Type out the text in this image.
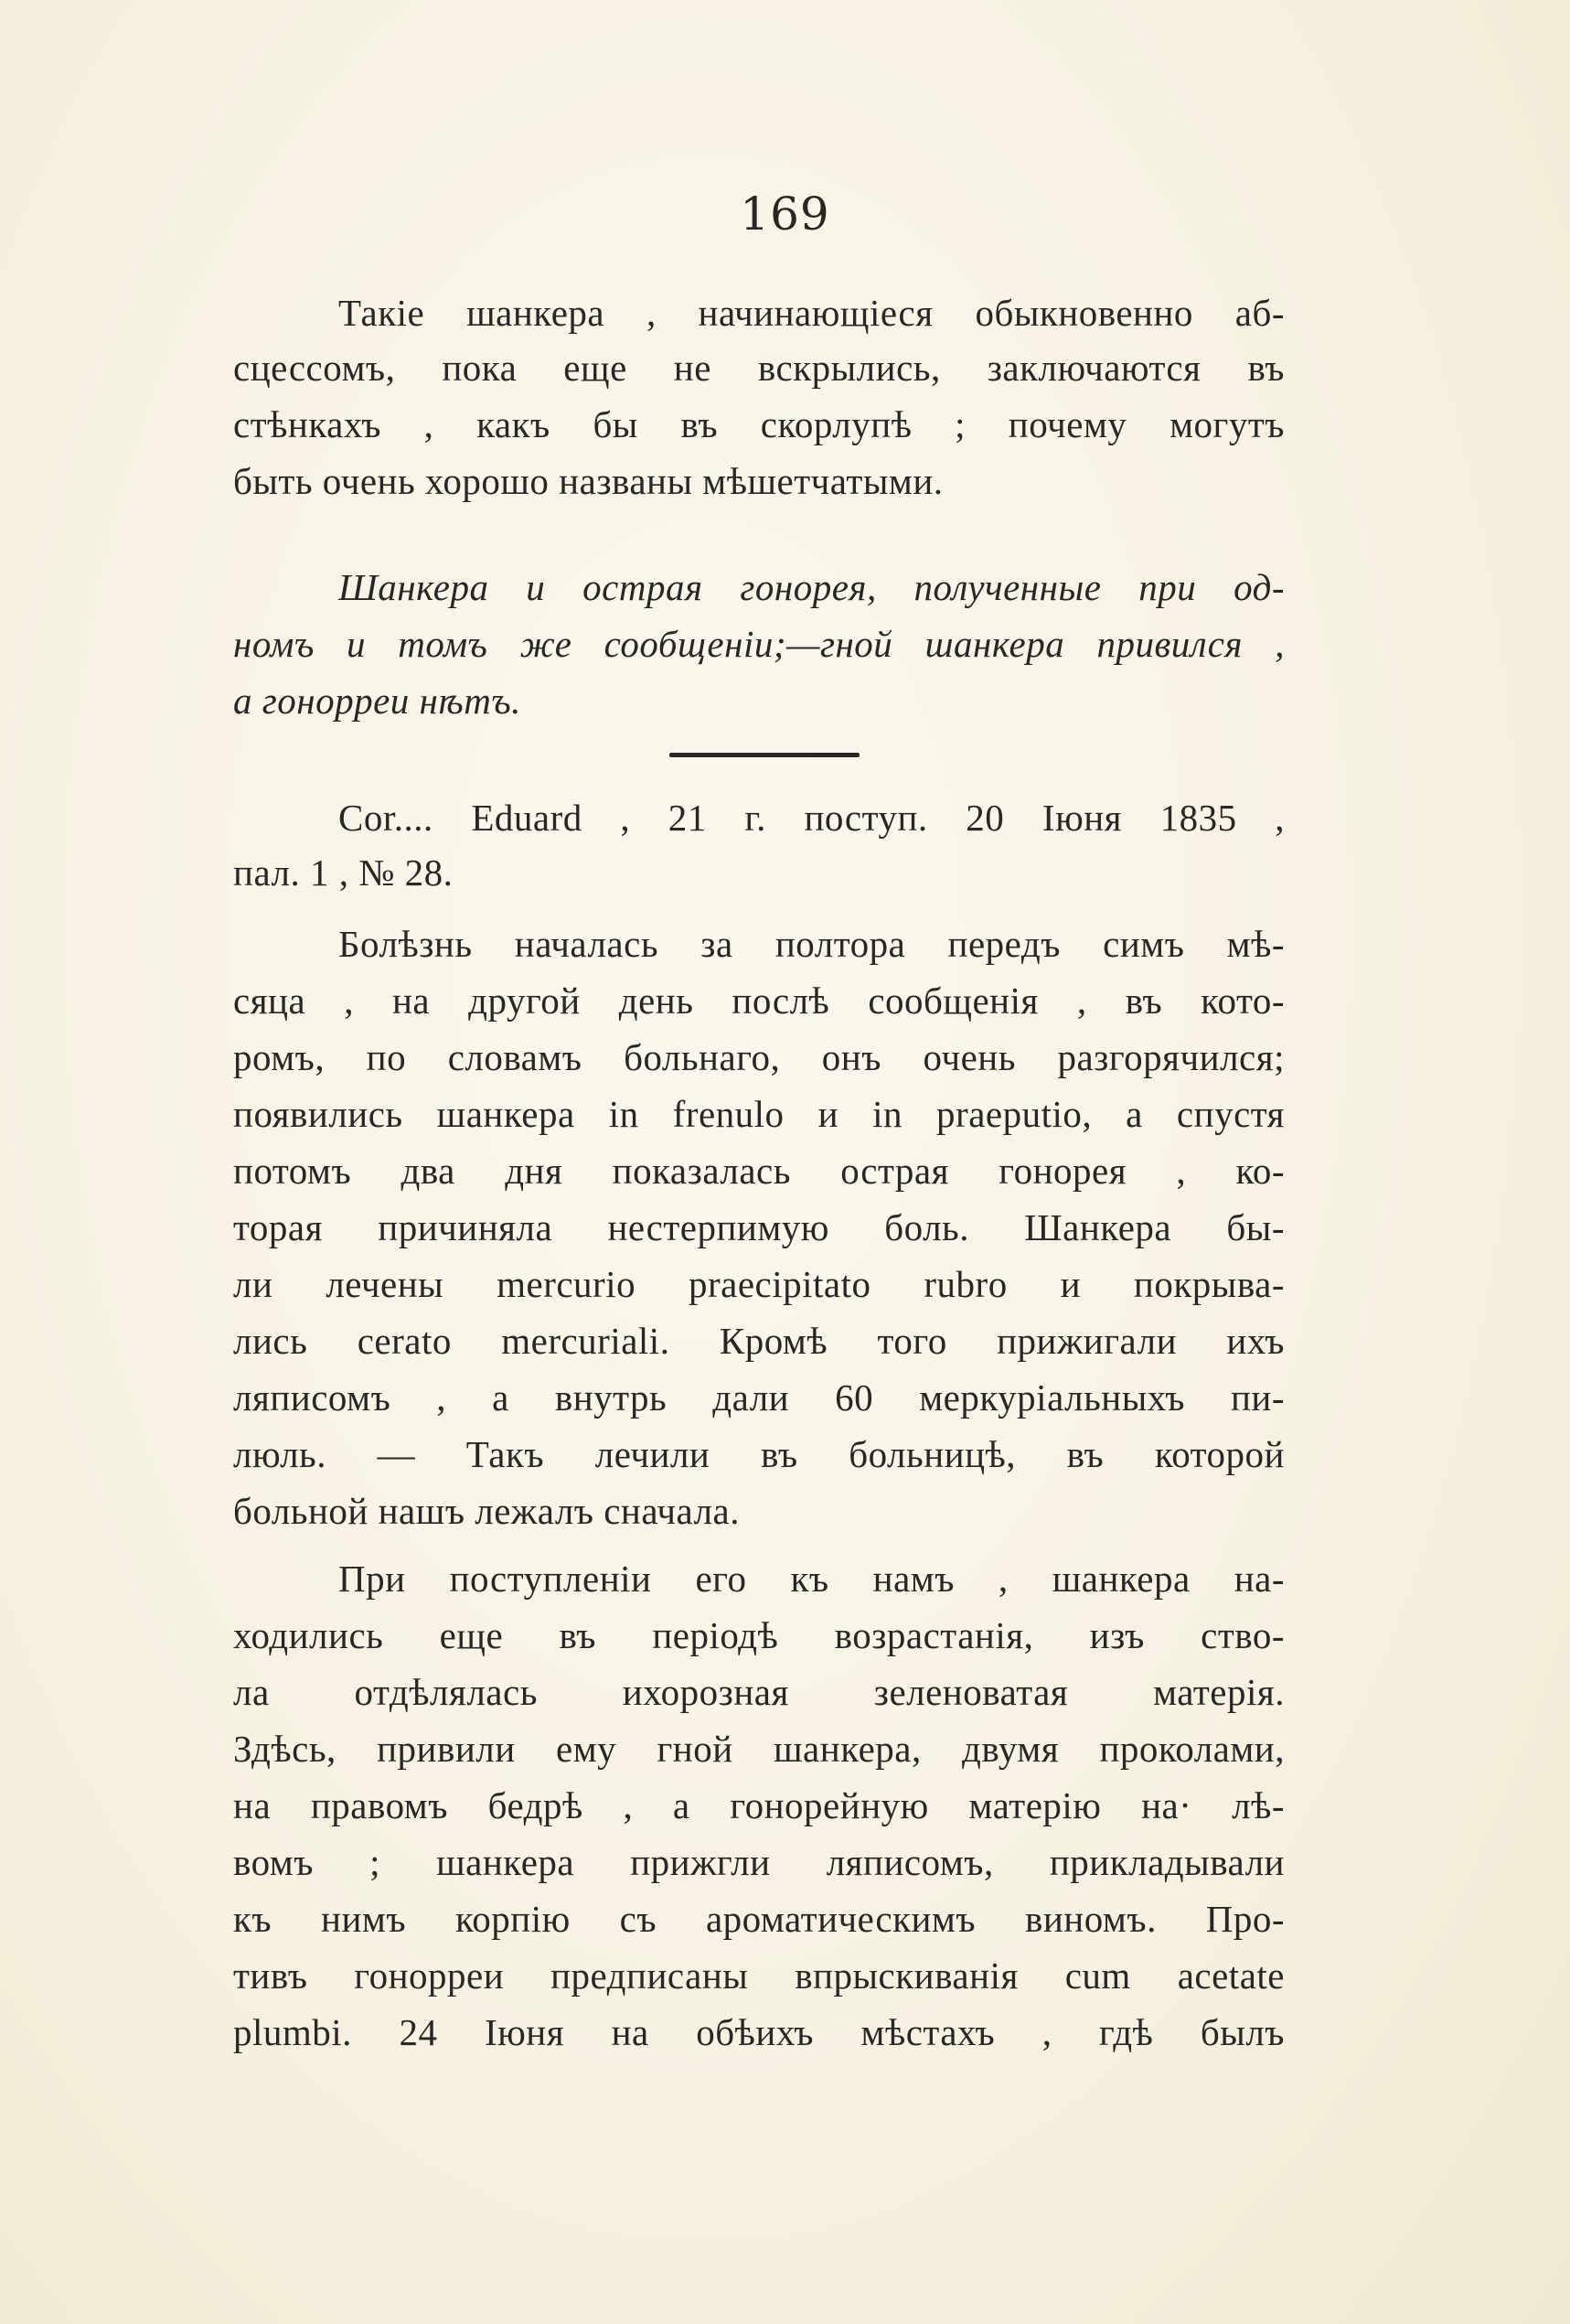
169
Такіе шанкера , начинающіеся обыкновенно аб-
сцессомъ, пока еще не вскрылись, заключаются въ
стѣнкахъ , какъ бы въ скорлупѣ ; почему могутъ
быть очень хорошо названы мѣшетчатыми.
Шанкера и острая гонорея, полученные при од-
номъ и томъ же сообщеніи;—гной шанкера привился ,
а гонорреи нѣтъ.
Cor.... Eduard , 21 г. поступ. 20 Іюня 1835 ,
пал. 1 , № 28.
Болѣзнь началась за полтора передъ симъ мѣ-
сяца , на другой день послѣ сообщенія , въ кото-
ромъ, по словамъ больнаго, онъ очень разгорячился;
появились шанкера in frenulo и in praeputio, а спустя
потомъ два дня показалась острая гонорея , ко-
торая причиняла нестерпимую боль. Шанкера бы-
ли лечены mercurio praecipitato rubro и покрыва-
лись cerato mercuriali. Кромѣ того прижигали ихъ
ляписомъ , а внутрь дали 60 меркуріальныхъ пи-
люль. — Такъ лечили въ больницѣ, въ которой
больной нашъ лежалъ сначала.
При поступленіи его къ намъ , шанкера на-
ходились еще въ періодѣ возрастанія, изъ ство-
ла отдѣлялась ихорозная зеленоватая матерія.
Здѣсь, привили ему гной шанкера, двумя проколами,
на правомъ бедрѣ , а гонорейную матерію на· лѣ-
вомъ ; шанкера прижгли ляписомъ, прикладывали
къ нимъ корпію съ ароматическимъ виномъ. Про-
тивъ гонорреи предписаны впрыскиванія cum acetate
plumbi. 24 Іюня на обѣихъ мѣстахъ , гдѣ былъ
